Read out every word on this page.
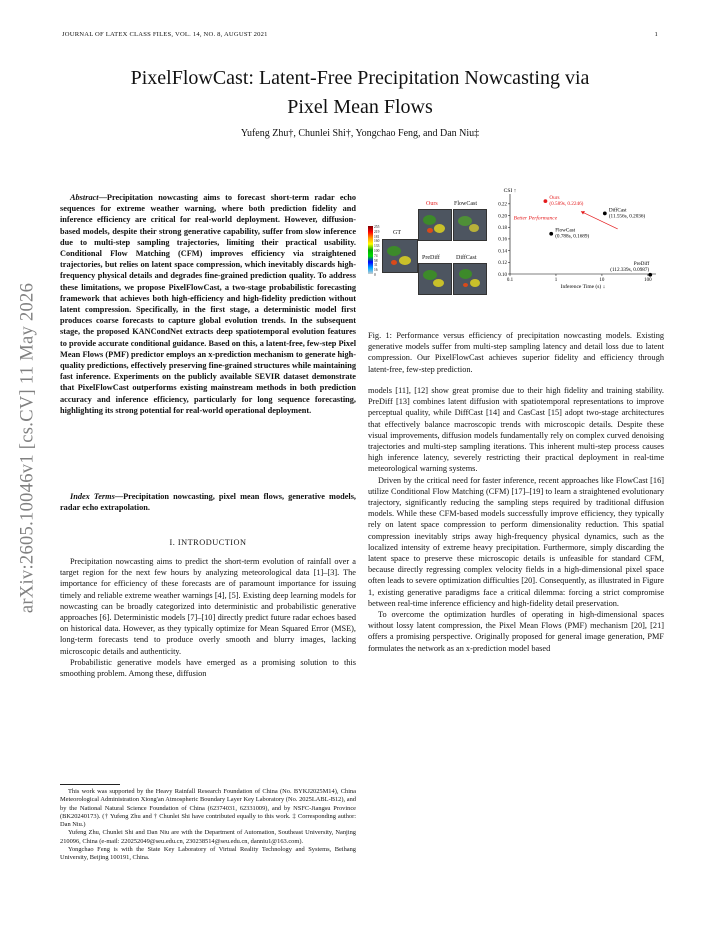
JOURNAL OF LATEX CLASS FILES, VOL. 14, NO. 8, AUGUST 2021	1
PixelFlowCast: Latent-Free Precipitation Nowcasting via
Pixel Mean Flows
Yufeng Zhu†, Chunlei Shi†, Yongchao Feng, and Dan Niu‡
arXiv:2605.10046v1 [cs.CV] 11 May 2026
Abstract—Precipitation nowcasting aims to forecast short-term radar echo sequences for extreme weather warning, where both prediction fidelity and inference efficiency are critical for real-world deployment. However, diffusion-based models, despite their strong generative capability, suffer from slow inference due to multi-step sampling trajectories, limiting their practical usability. Conditional Flow Matching (CFM) improves efficiency via straightened trajectories, but relies on latent space compression, which inevitably discards high-frequency physical details and degrades fine-grained prediction quality. To address these limitations, we propose PixelFlowCast, a two-stage probabilistic forecasting framework that achieves both high-efficiency and high-fidelity prediction without latent compression. Specifically, in the first stage, a deterministic model first produces coarse forecasts to capture global evolution trends. In the subsequent stage, the proposed KANCondNet extracts deep spatiotemporal evolution features to provide accurate conditional guidance. Based on this, a latent-free, few-step Pixel Mean Flows (PMF) predictor employs an x-prediction mechanism to generate high-quality predictions, effectively preserving fine-grained structures while maintaining fast inference. Experiments on the publicly available SEVIR dataset demonstrate that PixelFlowCast outperforms existing mainstream methods in both prediction accuracy and inference efficiency, particularly for long sequence forecasting, highlighting its strong potential for real-world operational deployment.
Index Terms—Precipitation nowcasting, pixel mean flows, generative models, radar echo extrapolation.
I. INTRODUCTION

Precipitation nowcasting aims to predict the short-term evolution of rainfall over a target region for the next few hours by analyzing meteorological data [1]–[3]. The importance for efficiency of these forecasts are of paramount importance for issuing timely and reliable extreme weather warnings [4], [5]. Existing deep learning models for nowcasting can be broadly categorized into deterministic and probabilistic generative approaches [6]. Deterministic models [7]–[10] directly predict future radar echoes based on historical data. However, as they typically optimize for Mean Squared Error (MSE), long-term forecasts tend to produce overly smooth and blurry images, lacking microscopic details and authenticity.

Probabilistic generative models have emerged as a promising solution to this smoothing problem. Among these, diffusion

This work was supported by the Heavy Rainfall Research Foundation of China (No. BYKJ2025M14), China Meteorological Administration Xiong'an Atmospheric Boundary Layer Key Laboratory (No. 2025LABL-B12), and by the National Natural Science Foundation of China (62374031, 62331009), and by NSFC-Jiangsu Province (BK20240173). († Yufeng Zhu and † Chunlei Shi have contributed equally to this work. ‡ Corresponding author: Dan Niu.)

Yufeng Zhu, Chunlei Shi and Dan Niu are with the Department of Automation, Southeast University, Nanjing 210096, China (e-mail: 220252049@seu.edu.cn, 230238514@seu.edu.cn, danniu1@163.com).

Yongchao Feng is with the State Key Laboratory of Virtual Reality Technology and Systems, Beihang University, Beijing 100191, China.

255
219
181
160
133
100
74
58
31
16
0
GT
Ours	FlowCast
PreDiff	DiffCast
0.10
0.12
0.14
0.16
0.18
0.20
0.22
0.1	1	10	100
CSI ↑
Inference Time (s) ↓
Better Performance
Ours
(0.589s, 0.2246)
DiffCast
(11.556s, 0.2036)
FlowCast
(0.788s, 0.1689)
PreDiff
(112.339s, 0.0987)
Fig. 1: Performance versus efficiency of precipitation nowcasting models. Existing generative models suffer from multi-step sampling latency and detail loss due to latent compression. Our PixelFlowCast achieves superior fidelity and efficiency through latent-free, few-step prediction.

models [11], [12] show great promise due to their high fidelity and training stability. PreDiff [13] combines latent diffusion with spatiotemporal representations to improve perceptual quality, while DiffCast [14] and CasCast [15] adopt two-stage architectures that effectively balance macroscopic trends with microscopic details. Despite these visual improvements, diffusion models fundamentally rely on complex curved denoising trajectories and multi-step sampling iterations. This inherent multi-step process causes high inference latency, severely restricting their practical deployment in real-time meteorological warning systems.

Driven by the critical need for faster inference, recent approaches like FlowCast [16] utilize Conditional Flow Matching (CFM) [17]–[19] to learn a straightened evolutionary trajectory, significantly reducing the sampling steps required by traditional diffusion models. While these CFM-based models successfully improve efficiency, they typically rely on latent space compression to perform dimensionality reduction. This spatial compression inevitably strips away high-frequency physical dynamics, such as the localized intensity of extreme heavy precipitation. Furthermore, simply discarding the latent space to preserve these microscopic details is unfeasible for standard CFM, because directly regressing complex velocity fields in a high-dimensional pixel space often leads to severe optimization difficulties [20]. Consequently, as illustrated in Figure 1, existing generative paradigms face a critical dilemma: forcing a strict compromise between real-time inference efficiency and high-fidelity detail preservation.

To overcome the optimization hurdles of operating in high-dimensional spaces without lossy latent compression, the Pixel Mean Flows (PMF) mechanism [20], [21] offers a promising perspective. Originally proposed for general image generation, PMF formulates the network as an x-prediction model based
